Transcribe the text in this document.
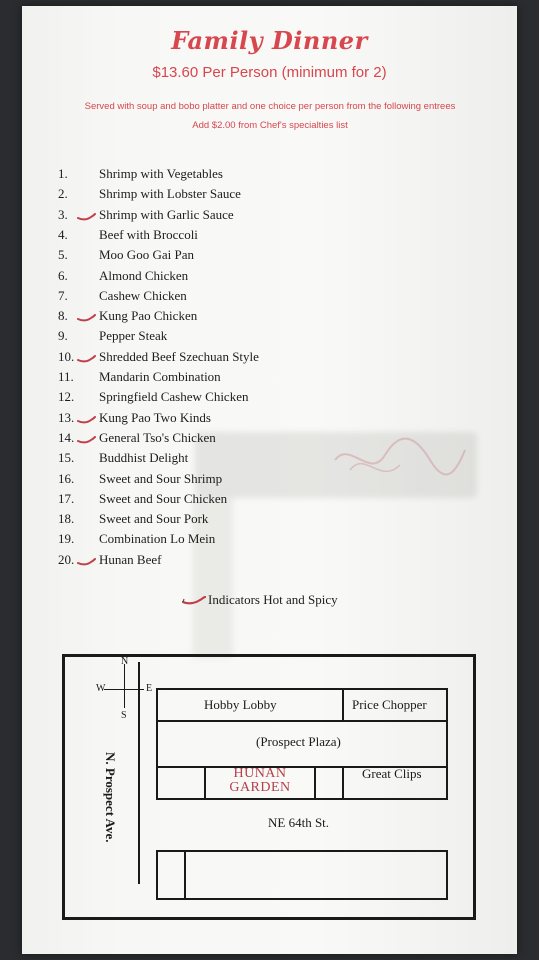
Family Dinner
$13.60 Per Person (minimum for 2)
Served with soup and bobo platter and one choice per person from the following entrees
Add $2.00 from Chef's specialties list
1.	Shrimp with Vegetables
2.	Shrimp with Lobster Sauce
3.	Shrimp with Garlic Sauce
4.	Beef with Broccoli
5.	Moo Goo Gai Pan
6.	Almond Chicken
7.	Cashew Chicken
8.	Kung Pao Chicken
9.	Pepper Steak
10.	Shredded Beef Szechuan Style
11.	Mandarin Combination
12.	Springfield Cashew Chicken
13.	Kung Pao Two Kinds
14.	General Tso's Chicken
15.	Buddhist Delight
16.	Sweet and Sour Shrimp
17.	Sweet and Sour Chicken
18.	Sweet and Sour Pork
19.	Combination Lo Mein
20.	Hunan Beef
Indicators Hot and Spicy
N
S
E
W
N. Prospect Ave.
Hobby Lobby	Price Chopper
(Prospect Plaza)
HUNAN
GARDEN
Great Clips
NE 64th St.
